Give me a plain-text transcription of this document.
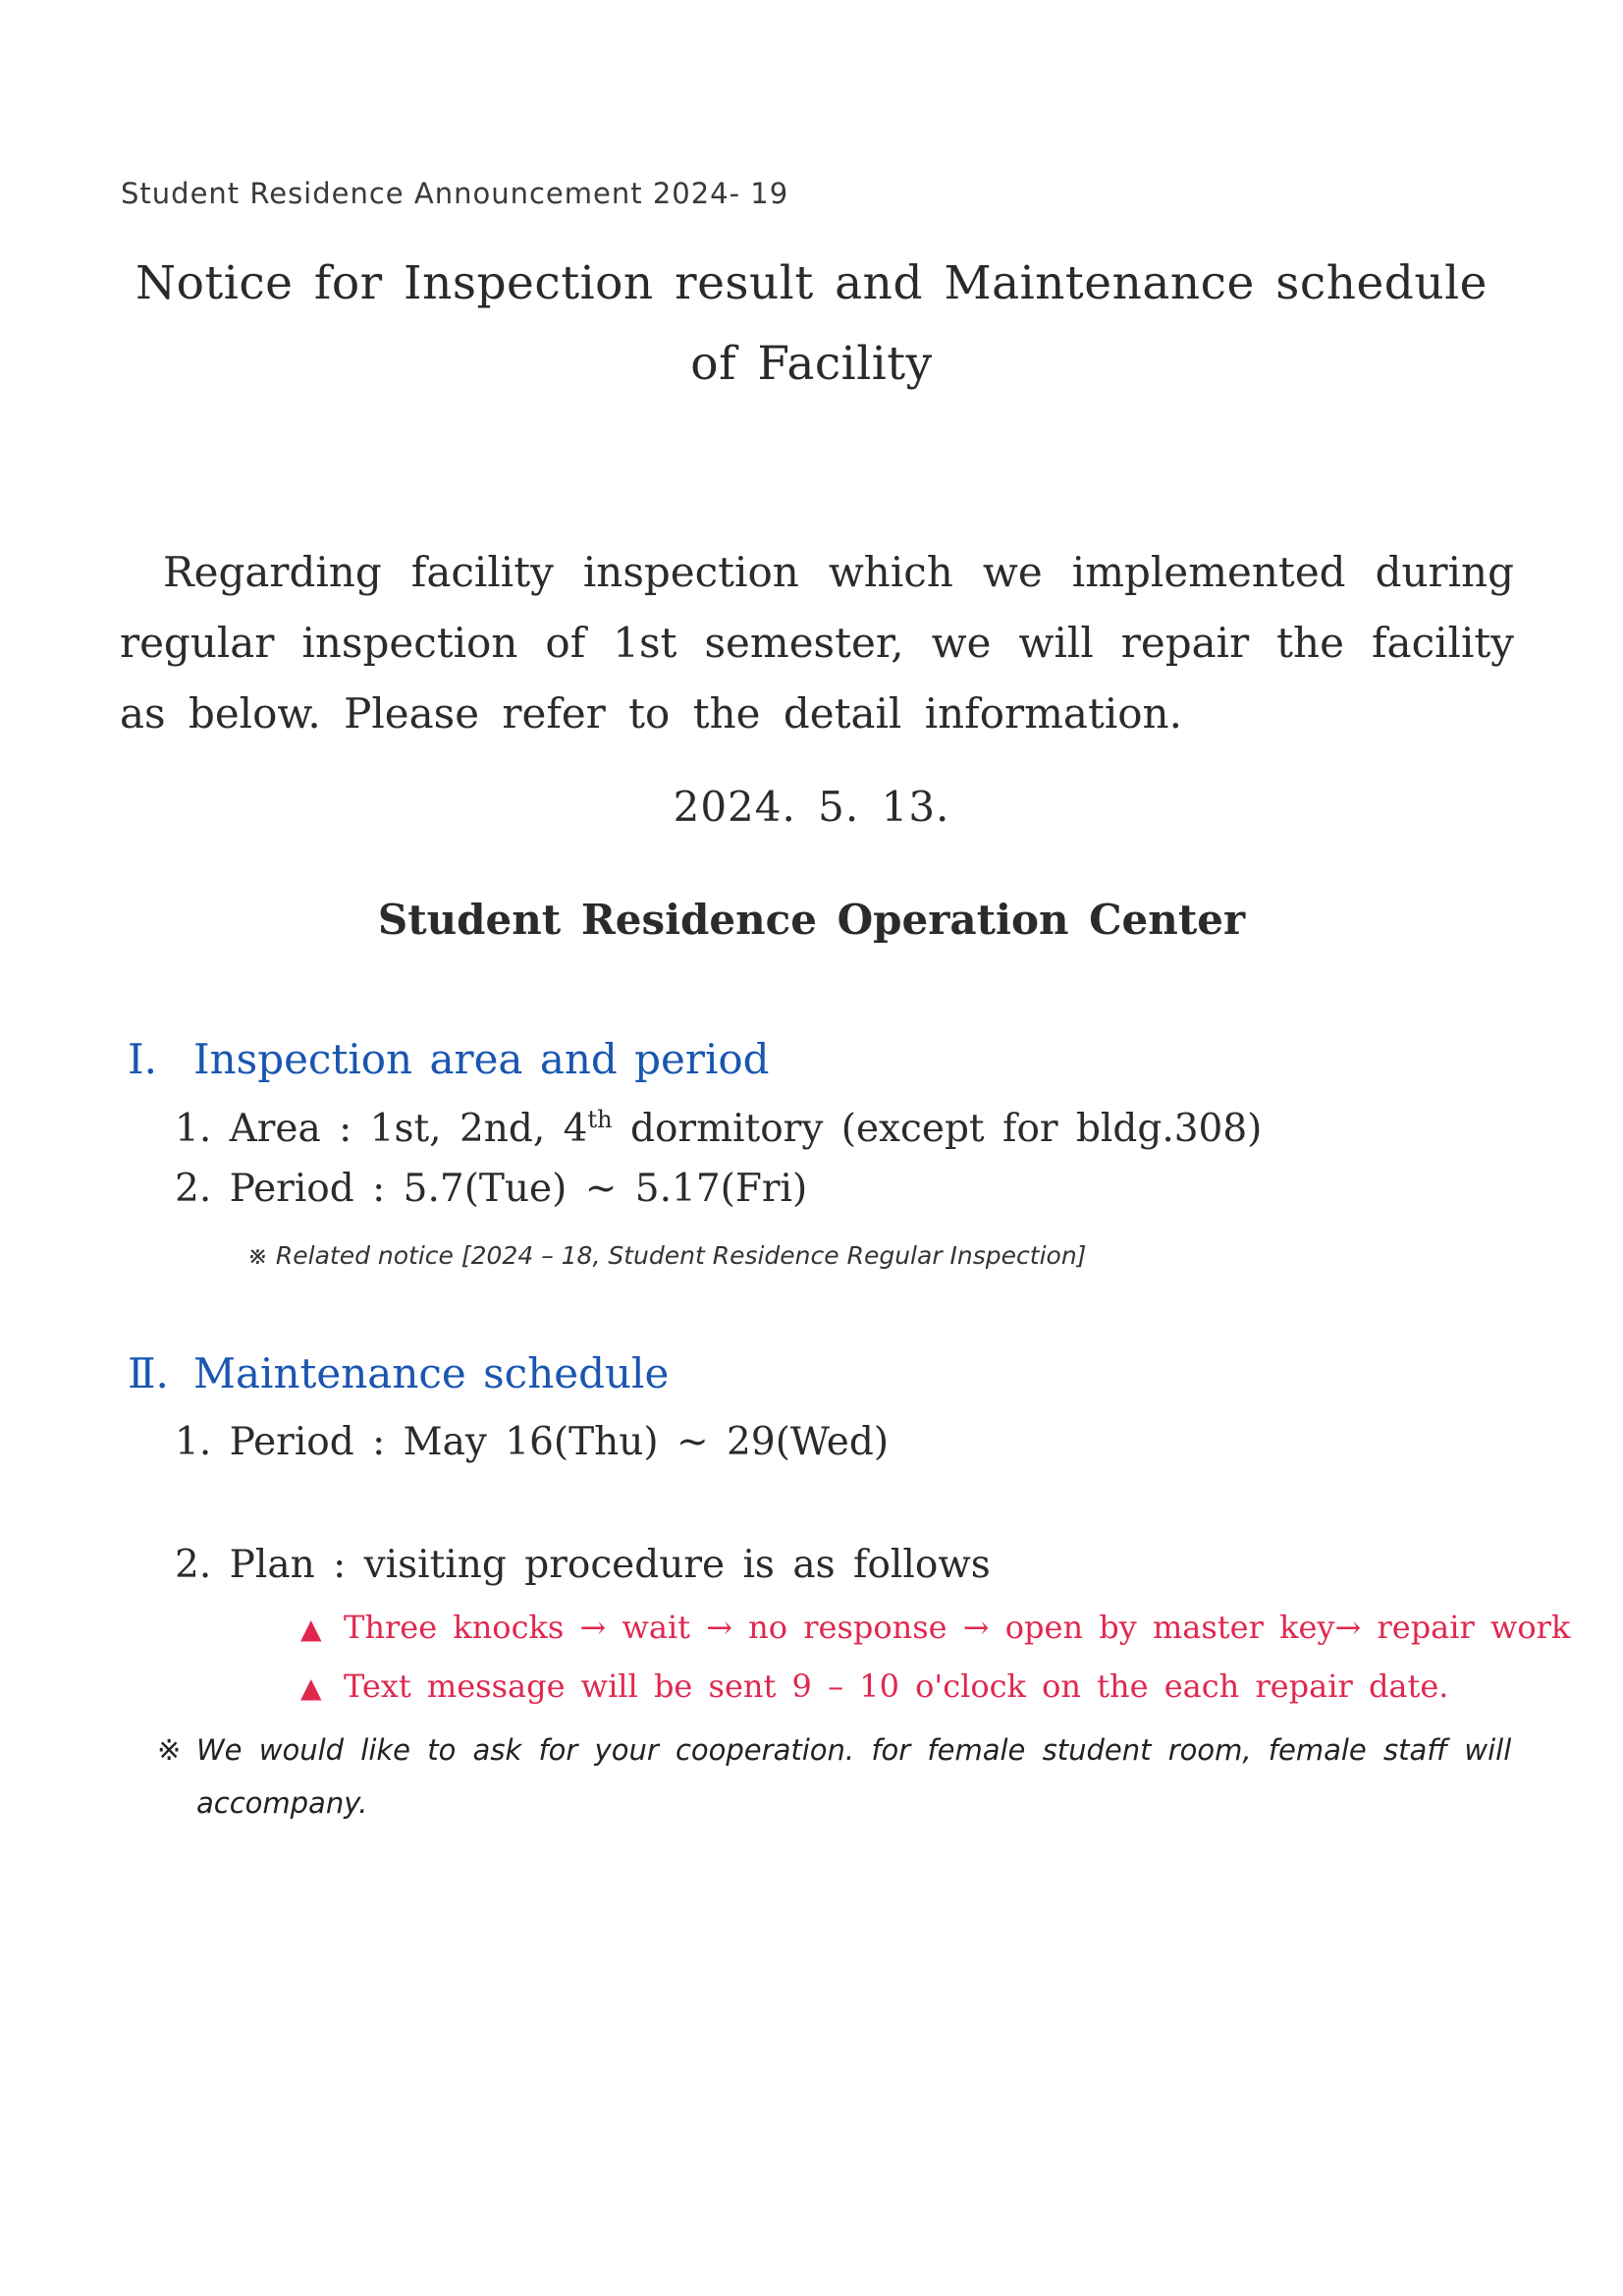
Student Residence Announcement 2024- 19
Notice for Inspection result and Maintenance schedule
of Facility
Regarding facility inspection which we implemented during regular inspection of 1st semester, we will repair the facility as below. Please refer to the detail information.
2024. 5. 13.
Student Residence Operation Center
Ⅰ. Inspection area and period
1. Area : 1st, 2nd, 4th dormitory (except for bldg.308)
2. Period : 5.7(Tue) ~ 5.17(Fri)
※ Related notice [2024 – 18, Student Residence Regular Inspection]
Ⅱ. Maintenance schedule
1. Period : May 16(Thu) ~ 29(Wed)
2. Plan : visiting procedure is as follows
▲ Three knocks → wait → no response → open by master key→ repair work
▲ Text message will be sent 9 – 10 o'clock on the each repair date.
※ We would like to ask for your cooperation. for female student room, female staff will
accompany.
